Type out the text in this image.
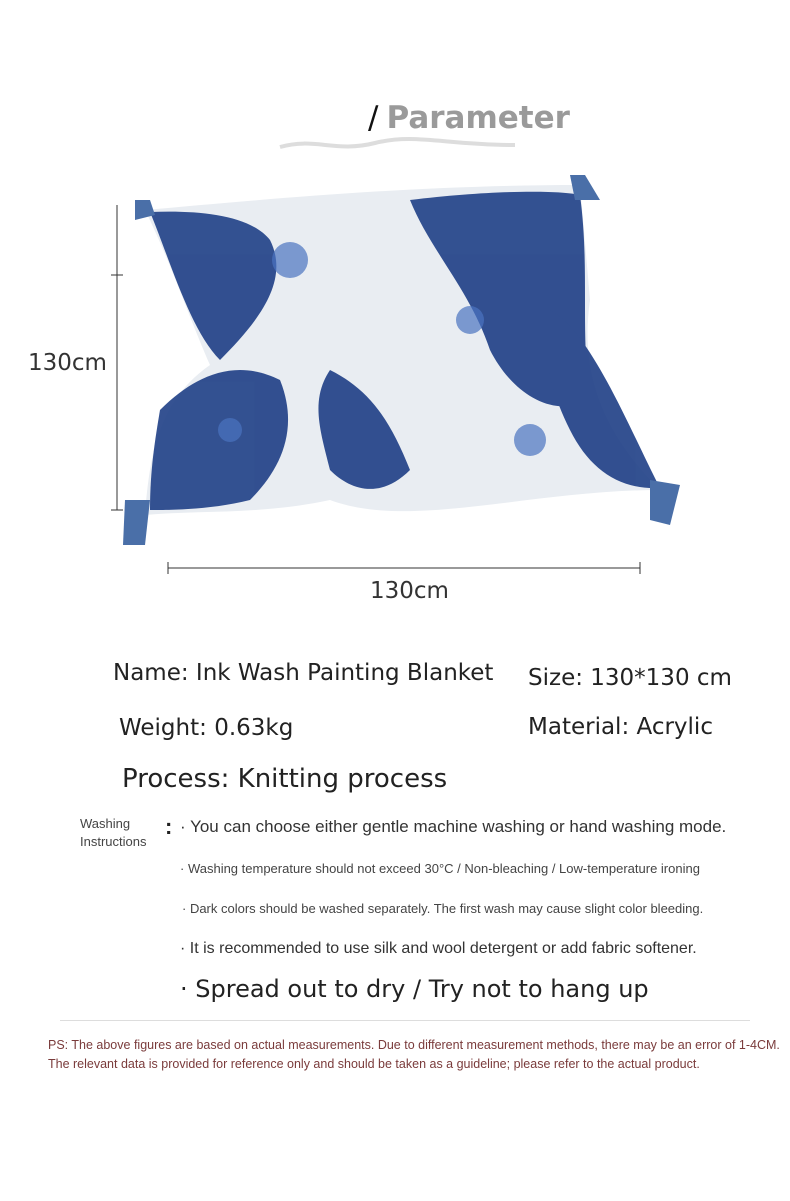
/ Parameter
130cm
130cm
Name: Ink Wash Painting Blanket Size: 130*130 cm
Weight: 0.63kg	Material: Acrylic
Process: Knitting process
Washing
Instructions
: · You can choose either gentle machine washing or hand washing mode.
· Washing temperature should not exceed 30°C / Non-bleaching / Low-temperature ironing
· Dark colors should be washed separately. The first wash may cause slight color bleeding.
· It is recommended to use silk and wool detergent or add fabric softener.
· Spread out to dry / Try not to hang up
PS: The above figures are based on actual measurements. Due to different measurement methods, there may be an error of 1-4CM. The relevant data is provided for reference only and should be taken as a guideline; please refer to the actual product.
